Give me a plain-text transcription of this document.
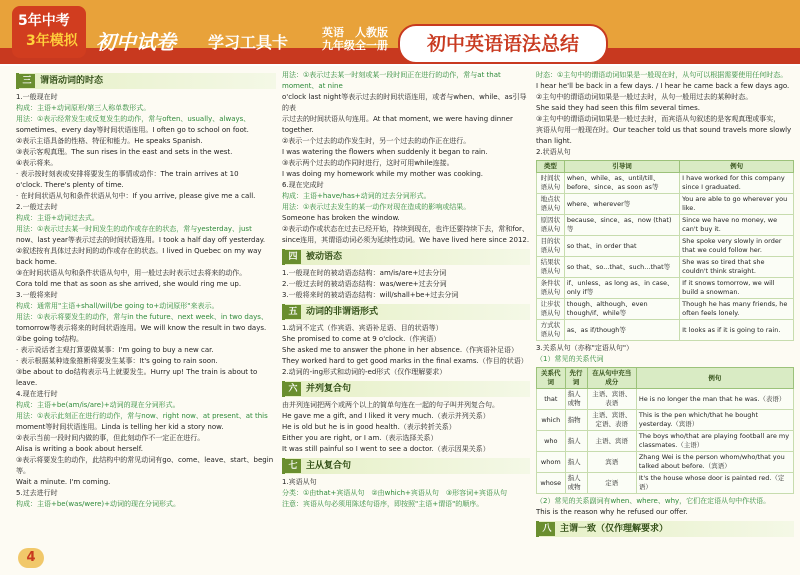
5年中考
3年模拟 初中试卷 学习工具卡
英语　人教版
九年级全一册	初中英语语法总结
三 谓语动词的时态

1.一般现在时

构成：主语+动词原形/第三人称单数形式。

用法：①表示经常发生或反复发生的动作，常与often、usually、always、

sometimes、every day等时间状语连用。I often go to school on foot.

②表示主语具备的性格、特征和能力。He speaks Spanish.

③表示客观真理。The sun rises in the east and sets in the west.

④表示将来。

· 表示按时刻表或安排将要发生的事情或动作：The train arrives at 10

o'clock. There's plenty of time.

· 在时间状语从句和条件状语从句中：If you arrive, please give me a call.

2.一般过去时

构成：主语+动词过去式。

用法：①表示过去某一时间发生的动作或存在的状态，常与yesterday、just

now、last year等表示过去的时间状语连用。I took a half day off yesterday.

②叙述按有具体过去时间的动作或存在的状态。I lived in Quebec on my way

back home.

③在时间状语从句和条件状语从句中，用一般过去时表示过去将来的动作。

Cora told me that as soon as she arrived, she would ring me up.

3.一般将来时

构成：通常用"主语+shall/will/be going to+动词原形"来表示。

用法：①表示将要发生的动作，常与in the future、next week、in two days、

tomorrow等表示将来的时间状语连用。We will know the result in two days.

②be going to结构。

· 表示说话者主观打算要做某事：I'm going to buy a new car.

· 表示根据某种迹象推断将要发生某事：It's going to rain soon.

③be about to do结构表示马上就要发生。Hurry up! The train is about to leave.

4.现在进行时

构成：主语+be(am/is/are)+动词的现在分词形式。

用法：①表示此刻正在进行的动作，常与now、right now、at present、at this

moment等时间状语连用。Linda is telling her kid a story now.

②表示当前一段时间内做的事，但此刻动作不一定正在进行。

Alisa is writing a book about herself.

③表示将要发生的动作，此结构中的常见动词有go、come、leave、start、begin等。

Wait a minute. I'm coming.

5.过去进行时

构成：主语+be(was/were)+动词的现在分词形式。

用法：①表示过去某一时刻或某一段时间正在进行的动作，常与at that moment、at nine

o'clock last night等表示过去的时间状语连用，或者与when、while、as引导的表

示过去的时间状语从句连用。At that moment, we were having dinner together.

②表示一个过去的动作发生时，另一个过去的动作正在进行。

I was watering the flowers when suddenly it began to rain.

③表示两个过去的动作同时进行，这时可用while连接。

I was doing my homework while my mother was cooking.

6.现在完成时

构成：主语+have/has+动词的过去分词形式。

用法：①表示过去发生的某一动作对现在造成的影响或结果。

Someone has broken the window.

②表示动作或状态在过去已经开始，持续到现在，也许还要持续下去，常和for、

since连用，其谓语动词必须为延续性动词。We have lived here since 2012.

四 被动语态

1.一般现在时的被动语态结构：am/is/are+过去分词

2.一般过去时的被动语态结构：was/were+过去分词

3.一般将来时的被动语态结构：will/shall+be+过去分词

五 动词的非谓语形式

1.动词不定式（作宾语、宾语补足语、目的状语等）

She promised to come at 9 o'clock.（作宾语）

She asked me to answer the phone in her absence.（作宾语补足语）

They worked hard to get good marks in the final exams.（作目的状语）

2.动词的-ing形式和动词的-ed形式（仅作理解要求）

六 并列复合句

由并列连词把两个或两个以上的简单句连在一起的句子叫并列复合句。

He gave me a gift, and I liked it very much.（表示并列关系）

He is old but he is in good health.（表示转折关系）

Either you are right, or I am.（表示选择关系）

It was still painful so I went to see a doctor.（表示因果关系）

七 主从复合句

1.宾语从句

分类：①由that+宾语从句　②由which+宾语从句　③形容词+宾语从句

注意：宾语从句必须用陈述句语序，即按照"主语+谓语"的顺序。

时态：①主句中的谓语动词如果是一般现在时，从句可以根据需要使用任何时态。

I hear he'll be back in a few days. / I hear he came back a few days ago.

②主句中的谓语动词如果是一般过去时，从句一般用过去的某种时态。

She said they had seen this film several times.

③主句中的谓语动词如果是一般过去时，而宾语从句叙述的是客观真理或事实，

宾语从句用一般现在时。Our teacher told us that sound travels more slowly than light.

2.状语从句

类型	引导词	例句
时间状语从句	when、while、as、until/till、before、since、as soon as等	I have worked for this company since I graduated.
地点状语从句	where、wherever等	You are able to go wherever you like.
原因状语从句	because、since、as、now (that)等	Since we have no money, we can't buy it.
目的状语从句	so that、in order that	She spoke very slowly in order that we could follow her.
结果状语从句	so that、so...that、such...that等	She was so tired that she couldn't think straight.
条件状语从句	if、unless、as long as、in case、only if等	If it snows tomorrow, we will build a snowman.
让步状语从句	though、although、even though/if、while等	Though he has many friends, he often feels lonely.
方式状语从句	as、as if/though等	It looks as if it is going to rain.

3.关系从句（亦称"定语从句"）

（1）常见的关系代词

关系代词	先行词	在从句中充当成分	例句
that	指人或物	主语、宾语、表语	He is no longer the man that he was.（表语）
which	指物	主语、宾语、定语、表语	This is the pen which/that he bought yesterday.（宾语）
who	指人	主语、宾语	The boys who/that are playing football are my classmates.（主语）
whom	指人	宾语	Zhang Wei is the person whom/who/that you talked about before.（宾语）
whose	指人或物	定语	It's the house whose door is painted red.（定语）

（2）常见的关系副词有when、where、why，它们在定语从句中作状语。

This is the reason why he refused our offer.

八 主谓一致（仅作理解要求）
4
